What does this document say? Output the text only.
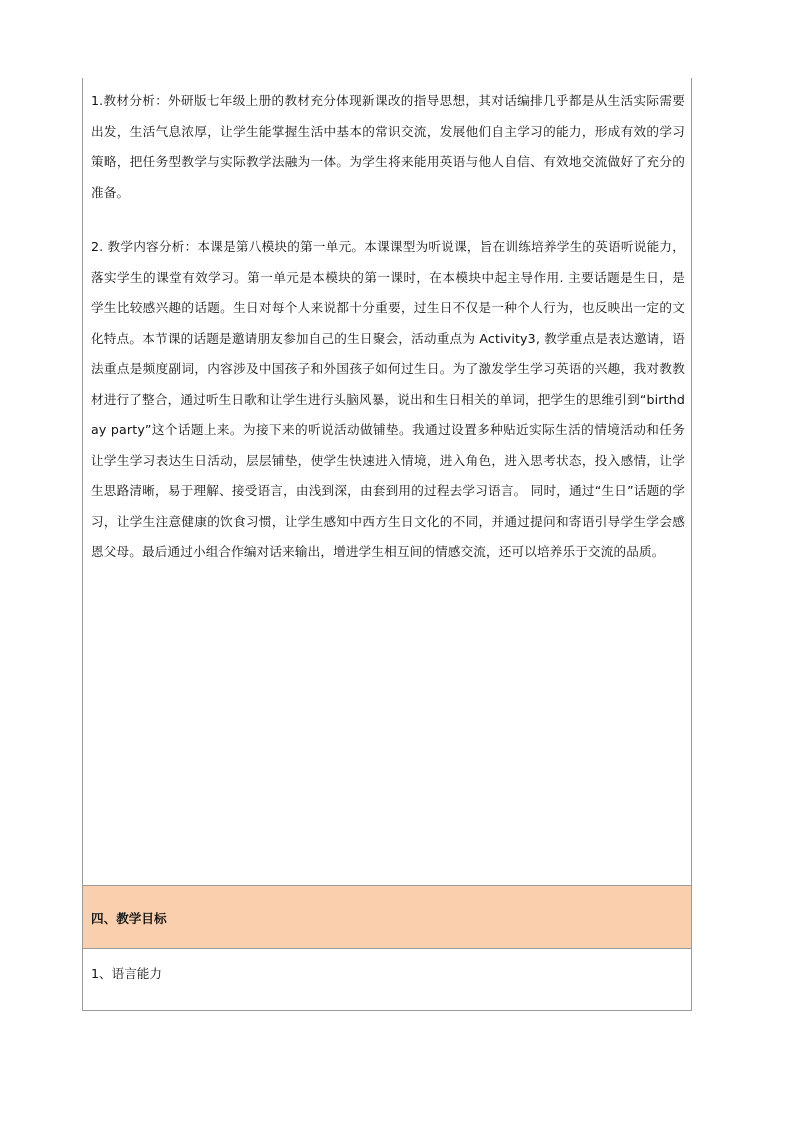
1.教材分析：外研版七年级上册的教材充分体现新课改的指导思想，其对话编排几乎都是从生活实际需要出发，生活气息浓厚，让学生能掌握生活中基本的常识交流，发展他们自主学习的能力，形成有效的学习策略，把任务型教学与实际教学法融为一体。为学生将来能用英语与他人自信、有效地交流做好了充分的准备。

2. 教学内容分析：本课是第八模块的第一单元。本课课型为听说课，旨在训练培养学生的英语听说能力，落实学生的课堂有效学习。第一单元是本模块的第一课时，在本模块中起主导作用. 主要话题是生日，是学生比较感兴趣的话题。生日对每个人来说都十分重要，过生日不仅是一种个人行为，也反映出一定的文化特点。本节课的话题是邀请朋友参加自己的生日聚会，活动重点为 Activity3, 教学重点是表达邀请，语法重点是频度副词，内容涉及中国孩子和外国孩子如何过生日。为了激发学生学习英语的兴趣，我对教教材进行了整合，通过听生日歌和让学生进行头脑风暴，说出和生日相关的单词，把学生的思维引到“birthday party”这个话题上来。为接下来的听说活动做铺垫。我通过设置多种贴近实际生活的情境活动和任务让学生学习表达生日活动，层层铺垫，使学生快速进入情境，进入角色，进入思考状态，投入感情，让学生思路清晰，易于理解、接受语言，由浅到深，由套到用的过程去学习语言。 同时，通过“生日”话题的学习，让学生注意健康的饮食习惯，让学生感知中西方生日文化的不同，并通过提问和寄语引导学生学会感恩父母。最后通过小组合作编对话来输出，增进学生相互间的情感交流，还可以培养乐于交流的品质。

四、教学目标
1、语言能力
